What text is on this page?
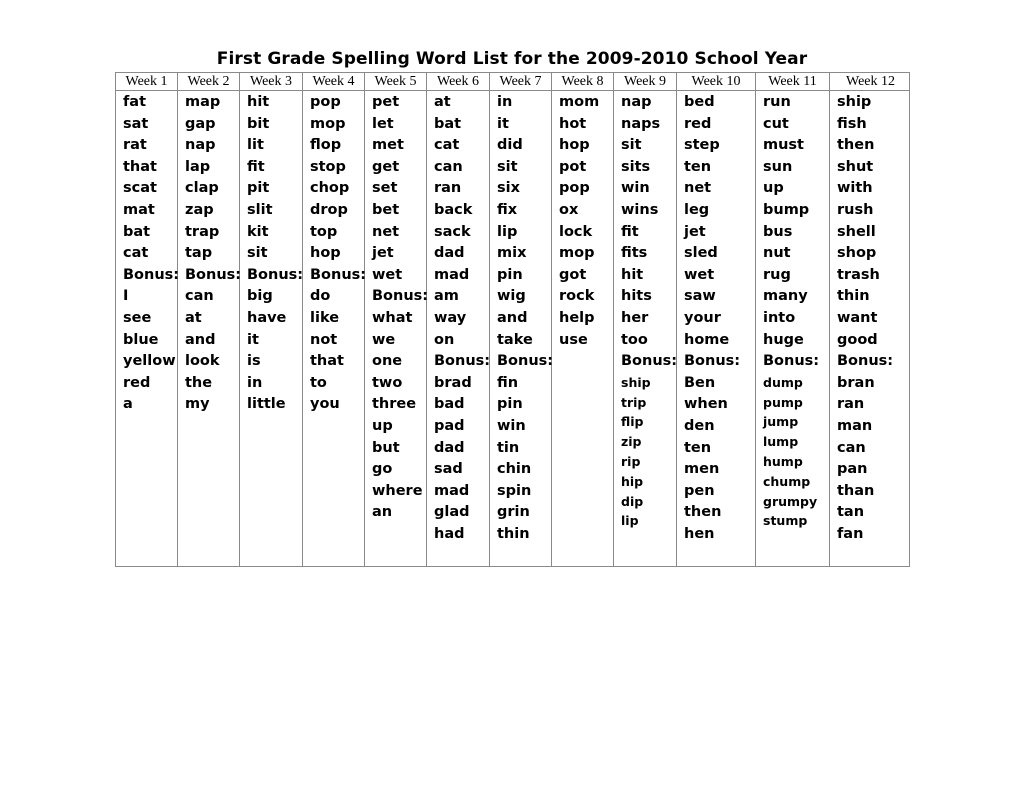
First Grade Spelling Word List for the 2009-2010 School Year
Week 1
fat
sat
rat
that
scat
mat
bat
cat
Bonus:
I
see
blue
yellow
red
a
Week 2
map
gap
nap
lap
clap
zap
trap
tap
Bonus:
can
at
and
look
the
my
Week 3
hit
bit
lit
fit
pit
slit
kit
sit
Bonus:
big
have
it
is
in
little
Week 4
pop
mop
flop
stop
chop
drop
top
hop
Bonus:
do
like
not
that
to
you
Week 5
pet
let
met
get
set
bet
net
jet
wet
Bonus:
what
we
one
two
three
up
but
go
where
an
Week 6
at
bat
cat
can
ran
back
sack
dad
mad
am
way
on
Bonus:
brad
bad
pad
dad
sad
mad
glad
had
Week 7
in
it
did
sit
six
fix
lip
mix
pin
wig
and
take
Bonus:
fin
pin
win
tin
chin
spin
grin
thin
Week 8
mom
hot
hop
pot
pop
ox
lock
mop
got
rock
help
use
Week 9
nap
naps
sit
sits
win
wins
fit
fits
hit
hits
her
too
Bonus:
ship
trip
flip
zip
rip
hip
dip
lip
Week 10
bed
red
step
ten
net
leg
jet
sled
wet
saw
your
home
Bonus:
Ben
when
den
ten
men
pen
then
hen
Week 11
run
cut
must
sun
up
bump
bus
nut
rug
many
into
huge
Bonus:
dump
pump
jump
lump
hump
chump
grumpy
stump
Week 12
ship
fish
then
shut
with
rush
shell
shop
trash
thin
want
good
Bonus:
bran
ran
man
can
pan
than
tan
fan
